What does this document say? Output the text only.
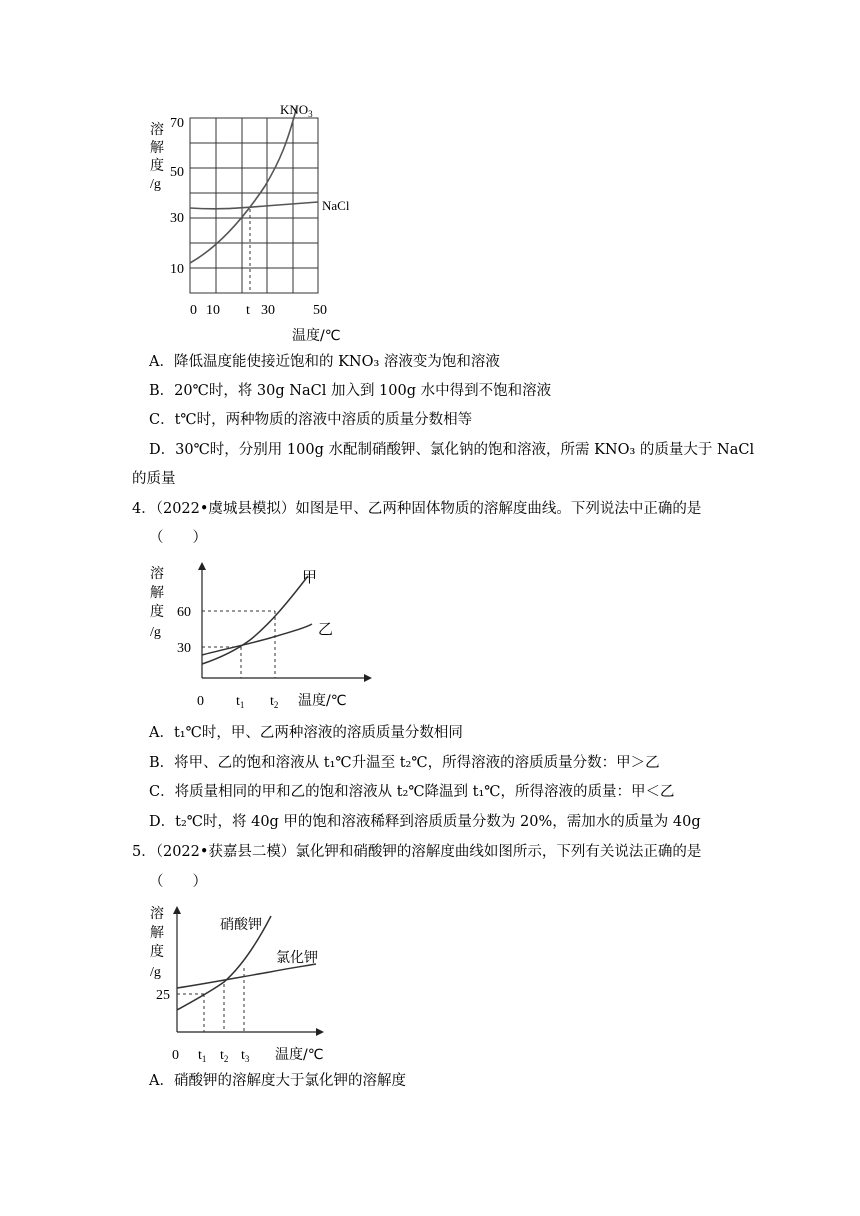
溶
解
度
/g
70
50
30
10
0 10 t 30	50
温度/℃
$KNO_3$
NaCl
A．降低温度能使接近饱和的 KNO₃ 溶液变为饱和溶液
B．20℃时，将 30g NaCl 加入到 100g 水中得到不饱和溶液
C．t℃时，两种物质的溶液中溶质的质量分数相等
D．30℃时，分别用 100g 水配制硝酸钾、氯化钠的饱和溶液，所需 KNO₃ 的质量大于 NaCl
的质量
4．（2022•虞城县模拟）如图是甲、乙两种固体物质的溶解度曲线。下列说法中正确的是
（　　）
溶
解
度
/g
60
30
0 $t_1$ $t_2$ 温度/℃
甲
乙
A．t₁℃时，甲、乙两种溶液的溶质质量分数相同
B．将甲、乙的饱和溶液从 t₁℃升温至 t₂℃，所得溶液的溶质质量分数：甲＞乙
C．将质量相同的甲和乙的饱和溶液从 t₂℃降温到 t₁℃，所得溶液的质量：甲＜乙
D．t₂℃时，将 40g 甲的饱和溶液稀释到溶质质量分数为 20%，需加水的质量为 40g
5．（2022•获嘉县二模）氯化钾和硝酸钾的溶解度曲线如图所示，下列有关说法正确的是
（　　）
溶
解
度
/g
25
0 $t_1$ $t_2$ $t_3$ 温度/℃
硝酸钾
氯化钾
A．硝酸钾的溶解度大于氯化钾的溶解度
